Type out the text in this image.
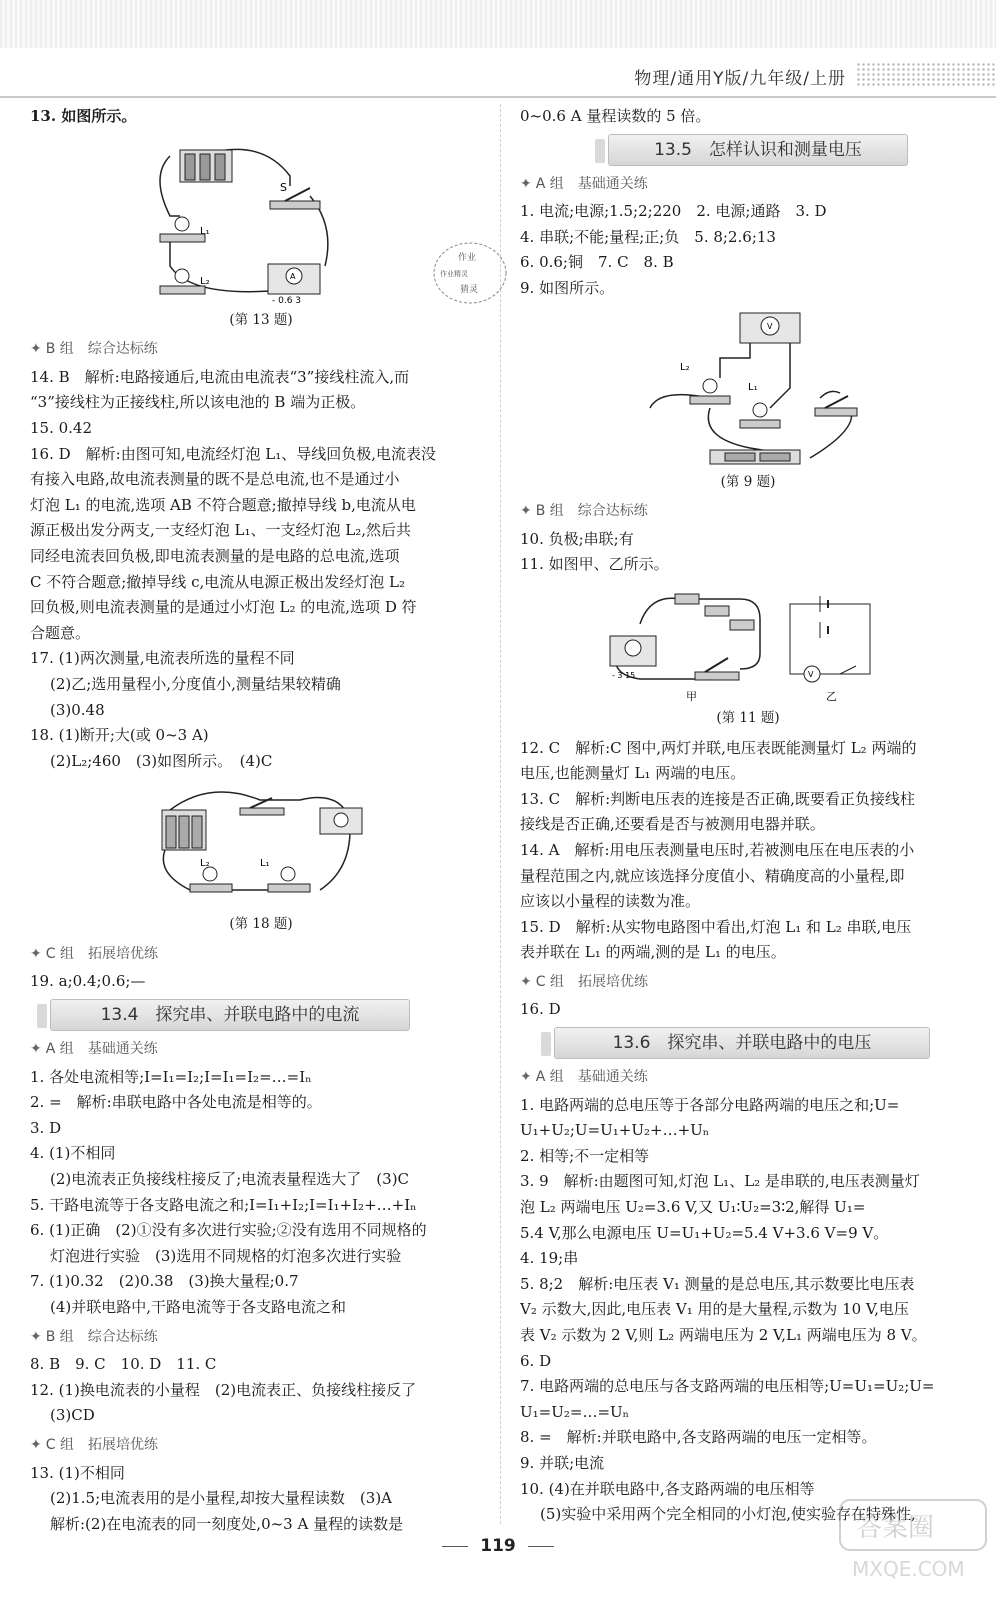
物理/通用Y版/九年级/上册
13. 如图所示。
S
L₁
L₂	A
- 0.6 3
(第 13 题)
✦ B 组　综合达标练
14. B　解析:电路接通后,电流由电流表“3”接线柱流入,而
“3”接线柱为正接线柱,所以该电池的 B 端为正极。
15. 0.42
16. D　解析:由图可知,电流经灯泡 L₁、导线回负极,电流表没
有接入电路,故电流表测量的既不是总电流,也不是通过小
灯泡 L₁ 的电流,选项 AB 不符合题意;撤掉导线 b,电流从电
源正极出发分两支,一支经灯泡 L₁、一支经灯泡 L₂,然后共
同经电流表回负极,即电流表测量的是电路的总电流,选项
C 不符合题意;撤掉导线 c,电流从电源正极出发经灯泡 L₂
回负极,则电流表测量的是通过小灯泡 L₂ 的电流,选项 D 符
合题意。
17. (1)两次测量,电流表所选的量程不同
(2)乙;选用量程小,分度值小,测量结果较精确
(3)0.48
18. (1)断开;大(或 0~3 A)
(2)L₂;460　(3)如图所示。　(4)C
L₂	L₁
(第 18 题)
✦ C 组　拓展培优练
19. a;0.4;0.6;—
13.4　探究串、并联电路中的电流
✦ A 组　基础通关练
1. 各处电流相等;I=I₁=I₂;I=I₁=I₂=…=Iₙ
2. =　解析:串联电路中各处电流是相等的。
3. D
4. (1)不相同
(2)电流表正负接线柱接反了;电流表量程选大了　(3)C
5. 干路电流等于各支路电流之和;I=I₁+I₂;I=I₁+I₂+…+Iₙ
6. (1)正确　(2)①没有多次进行实验;②没有选用不同规格的
灯泡进行实验　(3)选用不同规格的灯泡多次进行实验
7. (1)0.32　(2)0.38　(3)换大量程;0.7
(4)并联电路中,干路电流等于各支路电流之和
✦ B 组　综合达标练
8. B　9. C　10. D　11. C
12. (1)换电流表的小量程　(2)电流表正、负接线柱接反了
(3)CD
✦ C 组　拓展培优练
13. (1)不相同
(2)1.5;电流表用的是小量程,却按大量程读数　(3)A
解析:(2)在电流表的同一刻度处,0~3 A 量程的读数是
作业
作业精灵
猜灵
0~0.6 A 量程读数的 5 倍。
13.5　怎样认识和测量电压
✦ A 组　基础通关练
1. 电流;电源;1.5;2;220　2. 电源;通路　3. D
4. 串联;不能;量程;正;负　5. 8;2.6;13
6. 0.6;铜　7. C　8. B
9. 如图所示。
V
L₂
L₁
(第 9 题)
✦ B 组　综合达标练
10. 负极;串联;有
11. 如图甲、乙所示。
- 3 15
甲
V
乙
(第 11 题)
12. C　解析:C 图中,两灯并联,电压表既能测量灯 L₂ 两端的
电压,也能测量灯 L₁ 两端的电压。
13. C　解析:判断电压表的连接是否正确,既要看正负接线柱
接线是否正确,还要看是否与被测用电器并联。
14. A　解析:用电压表测量电压时,若被测电压在电压表的小
量程范围之内,就应该选择分度值小、精确度高的小量程,即
应该以小量程的读数为准。
15. D　解析:从实物电路图中看出,灯泡 L₁ 和 L₂ 串联,电压
表并联在 L₁ 的两端,测的是 L₁ 的电压。
✦ C 组　拓展培优练
16. D
13.6　探究串、并联电路中的电压
✦ A 组　基础通关练
1. 电路两端的总电压等于各部分电路两端的电压之和;U=
U₁+U₂;U=U₁+U₂+…+Uₙ
2. 相等;不一定相等
3. 9　解析:由题图可知,灯泡 L₁、L₂ 是串联的,电压表测量灯
泡 L₂ 两端电压 U₂=3.6 V,又 U₁∶U₂=3∶2,解得 U₁=
5.4 V,那么电源电压 U=U₁+U₂=5.4 V+3.6 V=9 V。
4. 19;串
5. 8;2　解析:电压表 V₁ 测量的是总电压,其示数要比电压表
V₂ 示数大,因此,电压表 V₁ 用的是大量程,示数为 10 V,电压
表 V₂ 示数为 2 V,则 L₂ 两端电压为 2 V,L₁ 两端电压为 8 V。
6. D
7. 电路两端的总电压与各支路两端的电压相等;U=U₁=U₂;U=
U₁=U₂=…=Uₙ
8. =　解析:并联电路中,各支路两端的电压一定相等。
9. 并联;电流
10. (4)在并联电路中,各支路两端的电压相等
(5)实验中采用两个完全相同的小灯泡,使实验存在特殊性,
119
答案圈
MXQE.COM
